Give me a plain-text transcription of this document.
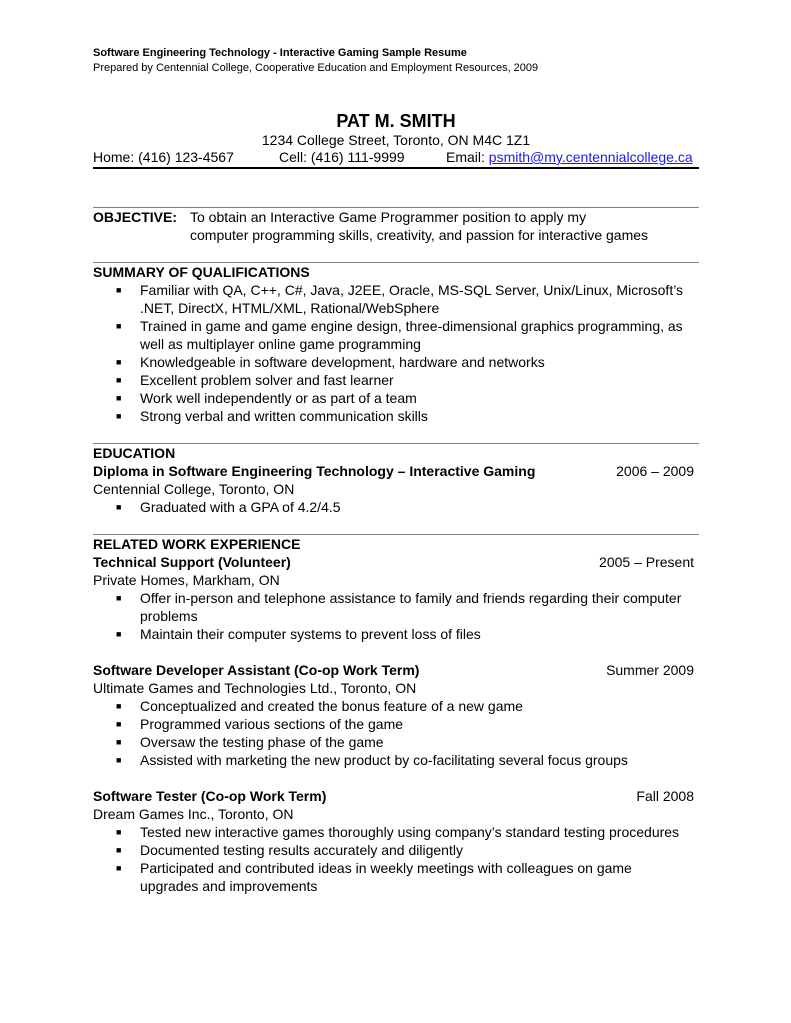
Software Engineering Technology - Interactive Gaming Sample Resume
Prepared by Centennial College, Cooperative Education and Employment Resources, 2009
PAT M. SMITH
1234 College Street, Toronto, ON M4C 1Z1
Home: (416) 123-4567	Cell: (416) 111-9999	Email: psmith@my.centennialcollege.ca
OBJECTIVE: To obtain an Interactive Game Programmer position to apply my
computer programming skills, creativity, and passion for interactive games
SUMMARY OF QUALIFICATIONS
■ Familiar with QA, C++, C#, Java, J2EE, Oracle, MS-SQL Server, Unix/Linux, Microsoft’s .NET, DirectX, HTML/XML, Rational/WebSphere
■ Trained in game and game engine design, three-dimensional graphics programming, as well as multiplayer online game programming
■ Knowledgeable in software development, hardware and networks
■ Excellent problem solver and fast learner
■ Work well independently or as part of a team
■ Strong verbal and written communication skills
EDUCATION
Diploma in Software Engineering Technology – Interactive Gaming	2006 – 2009
Centennial College, Toronto, ON
■ Graduated with a GPA of 4.2/4.5
RELATED WORK EXPERIENCE
Technical Support (Volunteer)	2005 – Present
Private Homes, Markham, ON
■ Offer in-person and telephone assistance to family and friends regarding their computer problems
■ Maintain their computer systems to prevent loss of files
Software Developer Assistant (Co-op Work Term)	Summer 2009
Ultimate Games and Technologies Ltd., Toronto, ON
■ Conceptualized and created the bonus feature of a new game
■ Programmed various sections of the game
■ Oversaw the testing phase of the game
■ Assisted with marketing the new product by co-facilitating several focus groups
Software Tester (Co-op Work Term)	Fall 2008
Dream Games Inc., Toronto, ON
■ Tested new interactive games thoroughly using company’s standard testing procedures
■ Documented testing results accurately and diligently
■ Participated and contributed ideas in weekly meetings with colleagues on game upgrades and improvements
